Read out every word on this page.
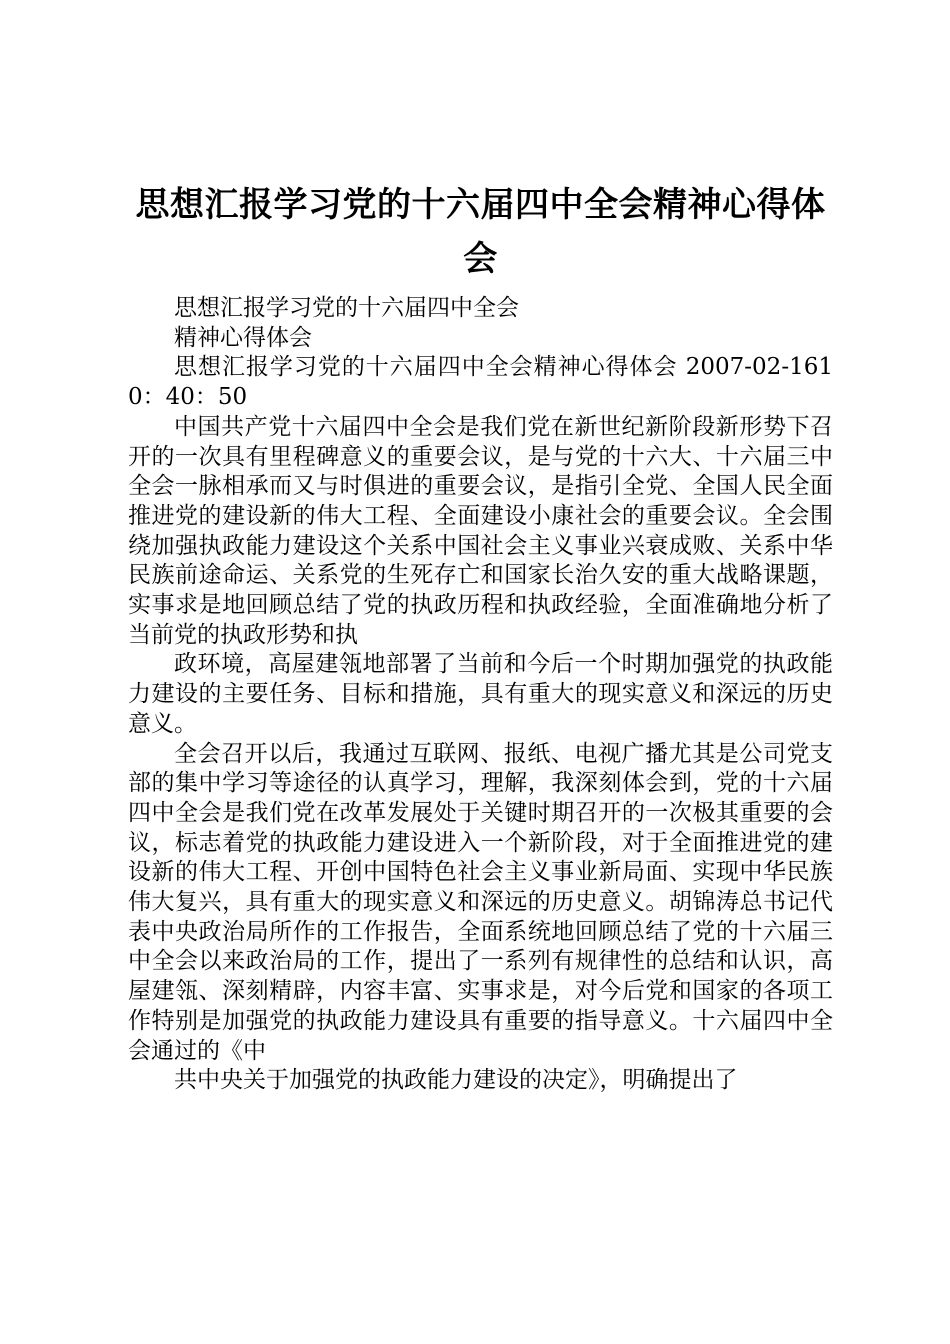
思想汇报学习党的十六届四中全会精神心得体会

思想汇报学习党的十六届四中全会

精神心得体会

思想汇报学习党的十六届四中全会精神心得体会 2007-02-1610：40：50

中国共产党十六届四中全会是我们党在新世纪新阶段新形势下召开的一次具有里程碑意义的重要会议，是与党的十六大、十六届三中全会一脉相承而又与时俱进的重要会议，是指引全党、全国人民全面推进党的建设新的伟大工程、全面建设小康社会的重要会议。全会围绕加强执政能力建设这个关系中国社会主义事业兴衰成败、关系中华民族前途命运、关系党的生死存亡和国家长治久安的重大战略课题，实事求是地回顾总结了党的执政历程和执政经验，全面准确地分析了当前党的执政形势和执

政环境，高屋建瓴地部署了当前和今后一个时期加强党的执政能力建设的主要任务、目标和措施，具有重大的现实意义和深远的历史意义。

全会召开以后，我通过互联网、报纸、电视广播尤其是公司党支部的集中学习等途径的认真学习，理解，我深刻体会到，党的十六届四中全会是我们党在改革发展处于关键时期召开的一次极其重要的会议，标志着党的执政能力建设进入一个新阶段，对于全面推进党的建设新的伟大工程、开创中国特色社会主义事业新局面、实现中华民族伟大复兴，具有重大的现实意义和深远的历史意义。胡锦涛总书记代表中央政治局所作的工作报告，全面系统地回顾总结了党的十六届三中全会以来政治局的工作，提出了一系列有规律性的总结和认识，高屋建瓴、深刻精辟，内容丰富、实事求是，对今后党和国家的各项工作特别是加强党的执政能力建设具有重要的指导意义。十六届四中全会通过的《中

共中央关于加强党的执政能力建设的决定》，明确提出了
